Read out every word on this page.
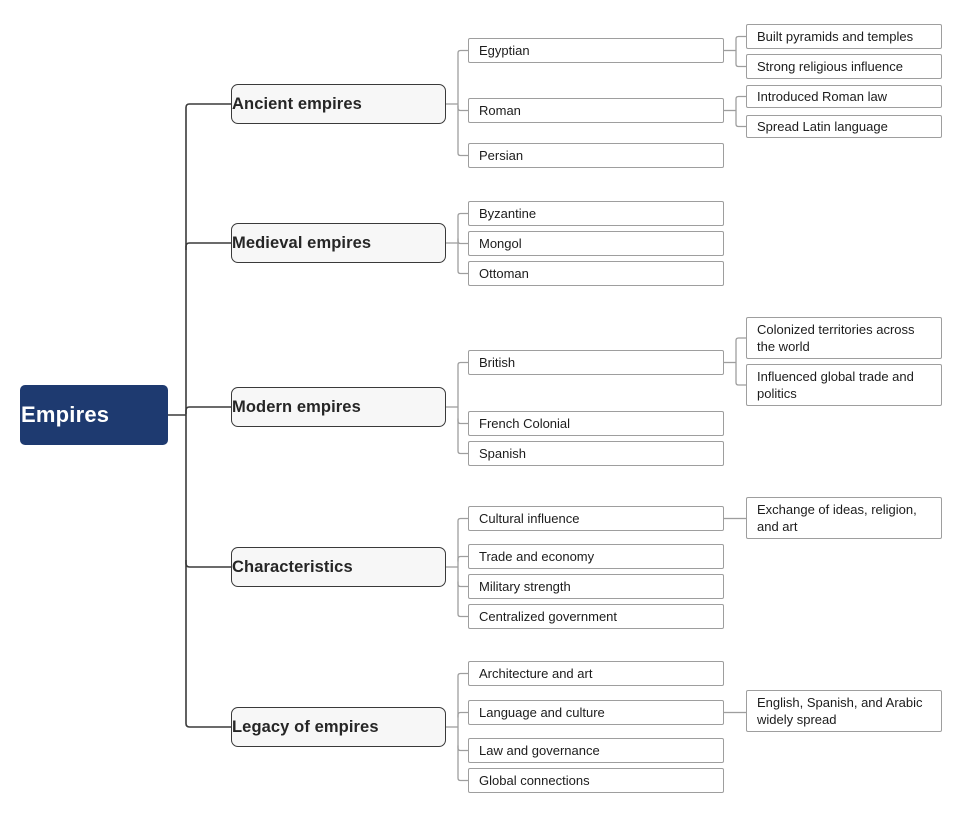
Empires
Ancient empires
Egyptian
Built pyramids and temples
Strong religious influence
Roman
Introduced Roman law
Spread Latin language
Persian
Medieval empires
Byzantine
Mongol
Ottoman
Modern empires
British
Colonized territories across the world
Influenced global trade and politics
French Colonial
Spanish
Characteristics
Cultural influence
Exchange of ideas, religion, and art
Trade and economy
Military strength
Centralized government
Legacy of empires
Architecture and art
Language and culture
English, Spanish, and Arabic widely spread
Law and governance
Global connections
